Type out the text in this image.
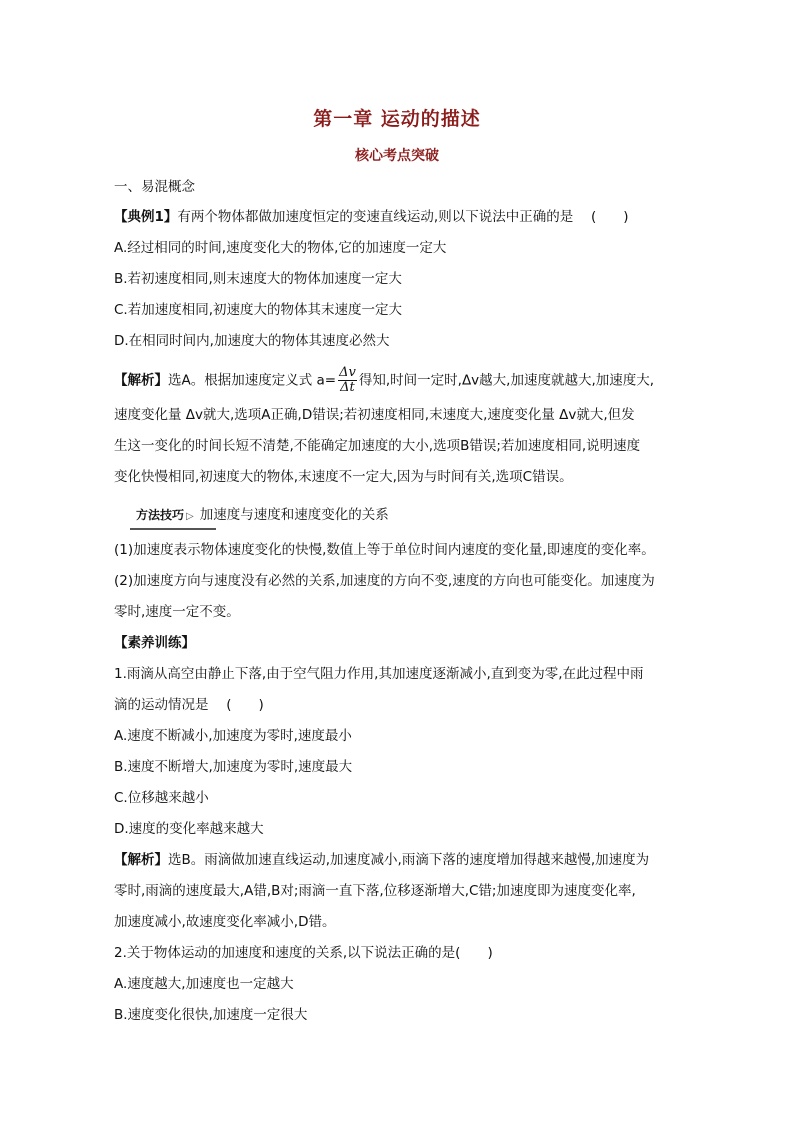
第一章 运动的描述
核心考点突破
一、易混概念
【典例1】有两个物体都做加速度恒定的变速直线运动,则以下说法中正确的是　 (　　)
A.经过相同的时间,速度变化大的物体,它的加速度一定大
B.若初速度相同,则末速度大的物体加速度一定大
C.若加速度相同,初速度大的物体其末速度一定大
D.在相同时间内,加速度大的物体其速度必然大
【解析】选A。根据加速度定义式 $a= \frac{\Delta v}{\Delta t}$ 得知,时间一定时,Δv越大,加速度就越大,加速度大,
速度变化量 Δv就大,选项A正确,D错误;若初速度相同,末速度大,速度变化量 Δv就大,但发
生这一变化的时间长短不清楚,不能确定加速度的大小,选项B错误;若加速度相同,说明速度
变化快慢相同,初速度大的物体,末速度不一定大,因为与时间有关,选项C错误。
方法技巧 ▷ 加速度与速度和速度变化的关系
(1)加速度表示物体速度变化的快慢,数值上等于单位时间内速度的变化量,即速度的变化率。
(2)加速度方向与速度没有必然的关系,加速度的方向不变,速度的方向也可能变化。加速度为
零时,速度一定不变。
【素养训练】
1.雨滴从高空由静止下落,由于空气阻力作用,其加速度逐渐减小,直到变为零,在此过程中雨
滴的运动情况是　 (　　)
A.速度不断减小,加速度为零时,速度最小
B.速度不断增大,加速度为零时,速度最大
C.位移越来越小
D.速度的变化率越来越大
【解析】选B。雨滴做加速直线运动,加速度减小,雨滴下落的速度增加得越来越慢,加速度为
零时,雨滴的速度最大,A错,B对;雨滴一直下落,位移逐渐增大,C错;加速度即为速度变化率,
加速度减小,故速度变化率减小,D错。
2.关于物体运动的加速度和速度的关系,以下说法正确的是(　　)
A.速度越大,加速度也一定越大
B.速度变化很快,加速度一定很大
